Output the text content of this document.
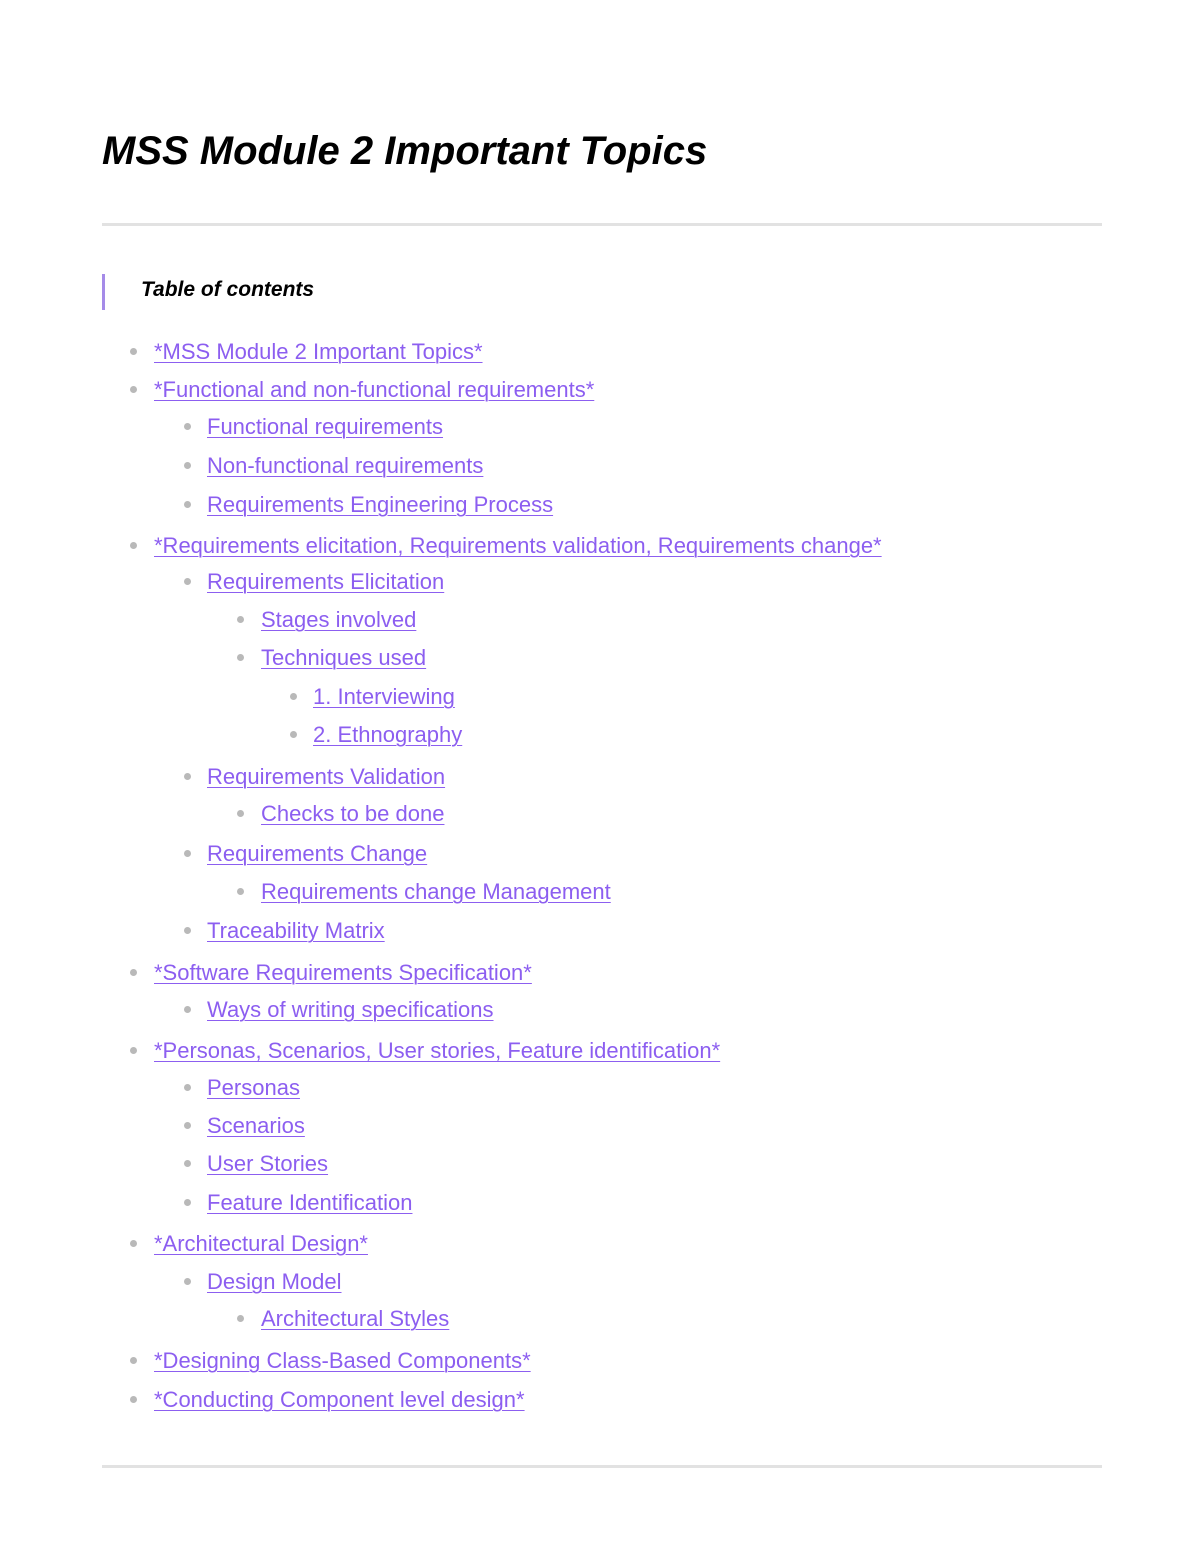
MSS Module 2 Important Topics
Table of contents
*MSS Module 2 Important Topics*
*Functional and non-functional requirements*
Functional requirements
Non-functional requirements
Requirements Engineering Process
*Requirements elicitation, Requirements validation, Requirements change*
Requirements Elicitation
Stages involved
Techniques used
1. Interviewing
2. Ethnography
Requirements Validation
Checks to be done
Requirements Change
Requirements change Management
Traceability Matrix
*Software Requirements Specification*
Ways of writing specifications
*Personas, Scenarios, User stories, Feature identification*
Personas
Scenarios
User Stories
Feature Identification
*Architectural Design*
Design Model
Architectural Styles
*Designing Class-Based Components*
*Conducting Component level design*
